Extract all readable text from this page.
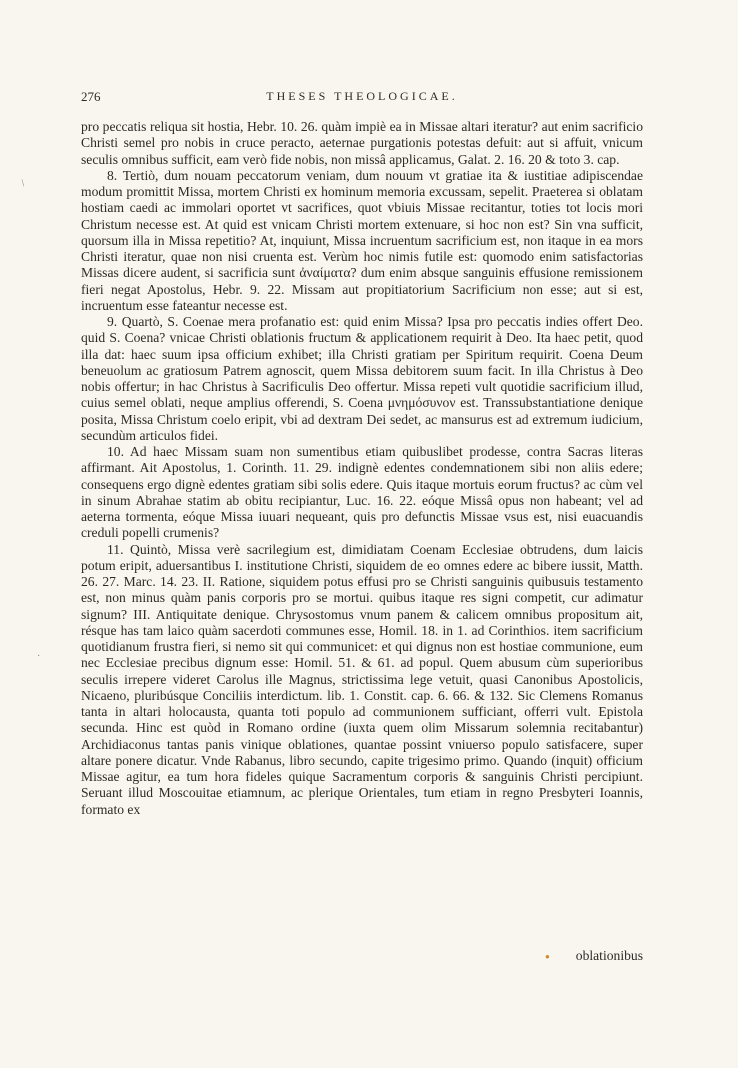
276	THESES THEOLOGICAE.

pro peccatis reliqua sit hostia, Hebr. 10. 26. quàm impiè ea in Missae altari iteratur? aut enim sacrificio Christi semel pro nobis in cruce peracto, aeternae purgationis potestas defuit: aut si affuit, vnicum seculis omnibus sufficit, eam verò fide nobis, non missâ applicamus, Galat. 2. 16. 20 & toto 3. cap.

8. Tertiò, dum nouam peccatorum veniam, dum nouum vt gratiae ita & iustitiae adipiscendae modum promittit Missa, mortem Christi ex hominum memoria excussam, sepelit. Praeterea si oblatam hostiam caedi ac immolari oportet vt sacrifices, quot vbiuis Missae recitantur, toties tot locis mori Christum necesse est. At quid est vnicam Christi mortem extenuare, si hoc non est? Sin vna sufficit, quorsum illa in Missa repetitio? At, inquiunt, Missa incruentum sacrificium est, non itaque in ea mors Christi iteratur, quae non nisi cruenta est. Verùm hoc nimis futile est: quomodo enim satisfactorias Missas dicere audent, si sacrificia sunt ἀναίματα? dum enim absque sanguinis effusione remissionem fieri negat Apostolus, Hebr. 9. 22. Missam aut propitiatorium Sacrificium non esse; aut si est, incruentum esse fateantur necesse est.

9. Quartò, S. Coenae mera profanatio est: quid enim Missa? Ipsa pro peccatis indies offert Deo. quid S. Coena? vnicae Christi oblationis fructum & applicationem requirit à Deo. Ita haec petit, quod illa dat: haec suum ipsa officium exhibet; illa Christi gratiam per Spiritum requirit. Coena Deum beneuolum ac gratiosum Patrem agnoscit, quem Missa debitorem suum facit. In illa Christus à Deo nobis offertur; in hac Christus à Sacrificulis Deo offertur. Missa repeti vult quotidie sacrificium illud, cuius semel oblati, neque amplius offerendi, S. Coena μνημόσυνον est. Transsubstantiatione denique posita, Missa Christum coelo eripit, vbi ad dextram Dei sedet, ac mansurus est ad extremum iudicium, secundùm articulos fidei.

10. Ad haec Missam suam non sumentibus etiam quibuslibet prodesse, contra Sacras literas affirmant. Ait Apostolus, 1. Corinth. 11. 29. indignè edentes condemnationem sibi non aliis edere; consequens ergo dignè edentes gratiam sibi solis edere. Quis itaque mortuis eorum fructus? ac cùm vel in sinum Abrahae statim ab obitu recipiantur, Luc. 16. 22. eóque Missâ opus non habeant; vel ad aeterna tormenta, eóque Missa iuuari nequeant, quis pro defunctis Missae vsus est, nisi euacuandis creduli popelli crumenis?

11. Quintò, Missa verè sacrilegium est, dimidiatam Coenam Ecclesiae obtrudens, dum laicis potum eripit, aduersantibus I. institutione Christi, siquidem de eo omnes edere ac bibere iussit, Matth. 26. 27. Marc. 14. 23. II. Ratione, siquidem potus effusi pro se Christi sanguinis quibusuis testamento est, non minus quàm panis corporis pro se mortui. quibus itaque res signi competit, cur adimatur signum? III. Antiquitate denique. Chrysostomus vnum panem & calicem omnibus propositum ait, résque has tam laico quàm sacerdoti communes esse, Homil. 18. in 1. ad Corinthios. item sacrificium quotidianum frustra fieri, si nemo sit qui communicet: et qui dignus non est hostiae communione, eum nec Ecclesiae precibus dignum esse: Homil. 51. & 61. ad popul. Quem abusum cùm superioribus seculis irrepere videret Carolus ille Magnus, strictissima lege vetuit, quasi Canonibus Apostolicis, Nicaeno, pluribúsque Conciliis interdictum. lib. 1. Constit. cap. 6. 66. & 132. Sic Clemens Romanus tanta in altari holocausta, quanta toti populo ad communionem sufficiant, offerri vult. Epistola secunda. Hinc est quòd in Romano ordine (iuxta quem olim Missarum solemnia recitabantur) Archidiaconus tantas panis vinique oblationes, quantae possint vniuerso populo satisfacere, super altare ponere dicatur. Vnde Rabanus, libro secundo, capite trigesimo primo. Quando (inquit) officium Missae agitur, ea tum hora fideles quique Sacramentum corporis & sanguinis Christi percipiunt. Seruant illud Moscouitae etiamnum, ac plerique Orientales, tum etiam in regno Presbyteri Ioannis, formato ex

oblationibus
/
·
●
